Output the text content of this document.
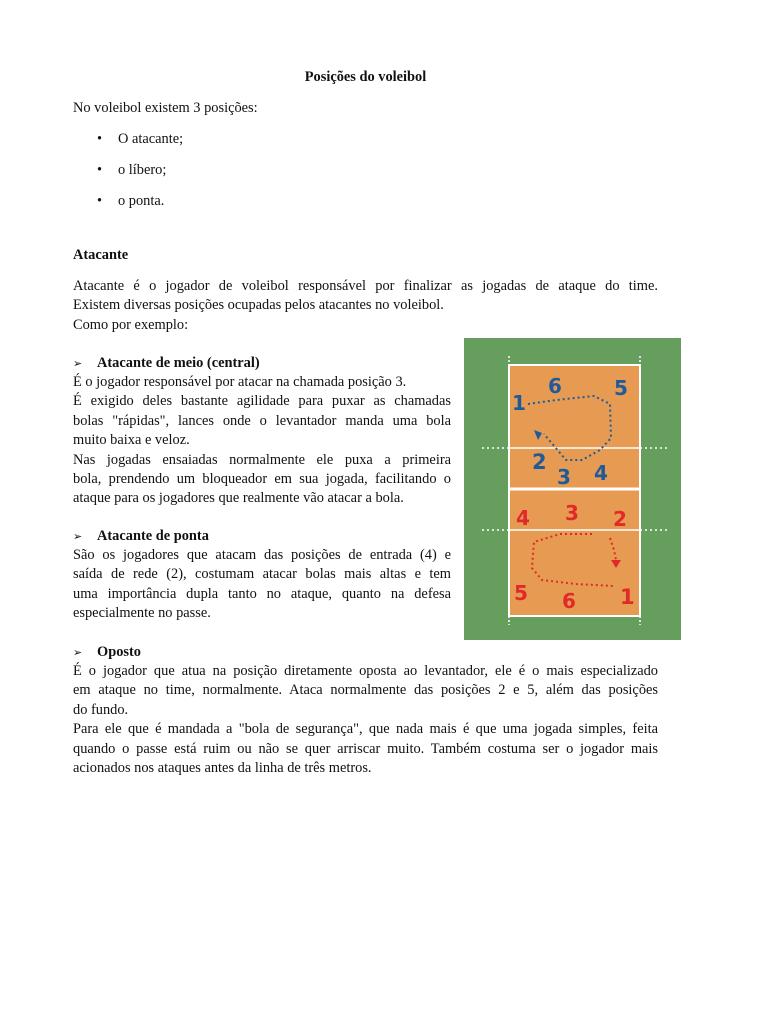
Posições do voleibol
No voleibol existem 3 posições:
• O atacante;
• o líbero;
• o ponta.
Atacante
Atacante é o jogador de voleibol responsável por finalizar as jogadas de ataque do time.
Existem diversas posições ocupadas pelos atacantes no voleibol.
Como por exemplo:
➢ Atacante de meio (central)
É o jogador responsável por atacar na chamada posição 3.
É exigido deles bastante agilidade para puxar as chamadas
bolas "rápidas", lances onde o levantador manda uma bola
muito baixa e veloz.
Nas jogadas ensaiadas normalmente ele puxa a primeira
bola, prendendo um bloqueador em sua jogada, facilitando o
ataque para os jogadores que realmente vão atacar a bola.
➢ Atacante de ponta
São os jogadores que atacam das posições de entrada (4) e
saída de rede (2), costumam atacar bolas mais altas e tem
uma importância dupla tanto no ataque, quanto na defesa
especialmente no passe.
➢ Oposto
É o jogador que atua na posição diretamente oposta ao levantador, ele é o mais especializado
em ataque no time, normalmente. Ataca normalmente das posições 2 e 5, além das posições
do fundo.
Para ele que é mandada a "bola de segurança", que nada mais é que uma jogada simples, feita
quando o passe está ruim ou não se quer arriscar muito. Também costuma ser o jogador mais
acionados nos ataques antes da linha de três metros.
1
6	5
2
3 4
4 3 2
5 6 1
